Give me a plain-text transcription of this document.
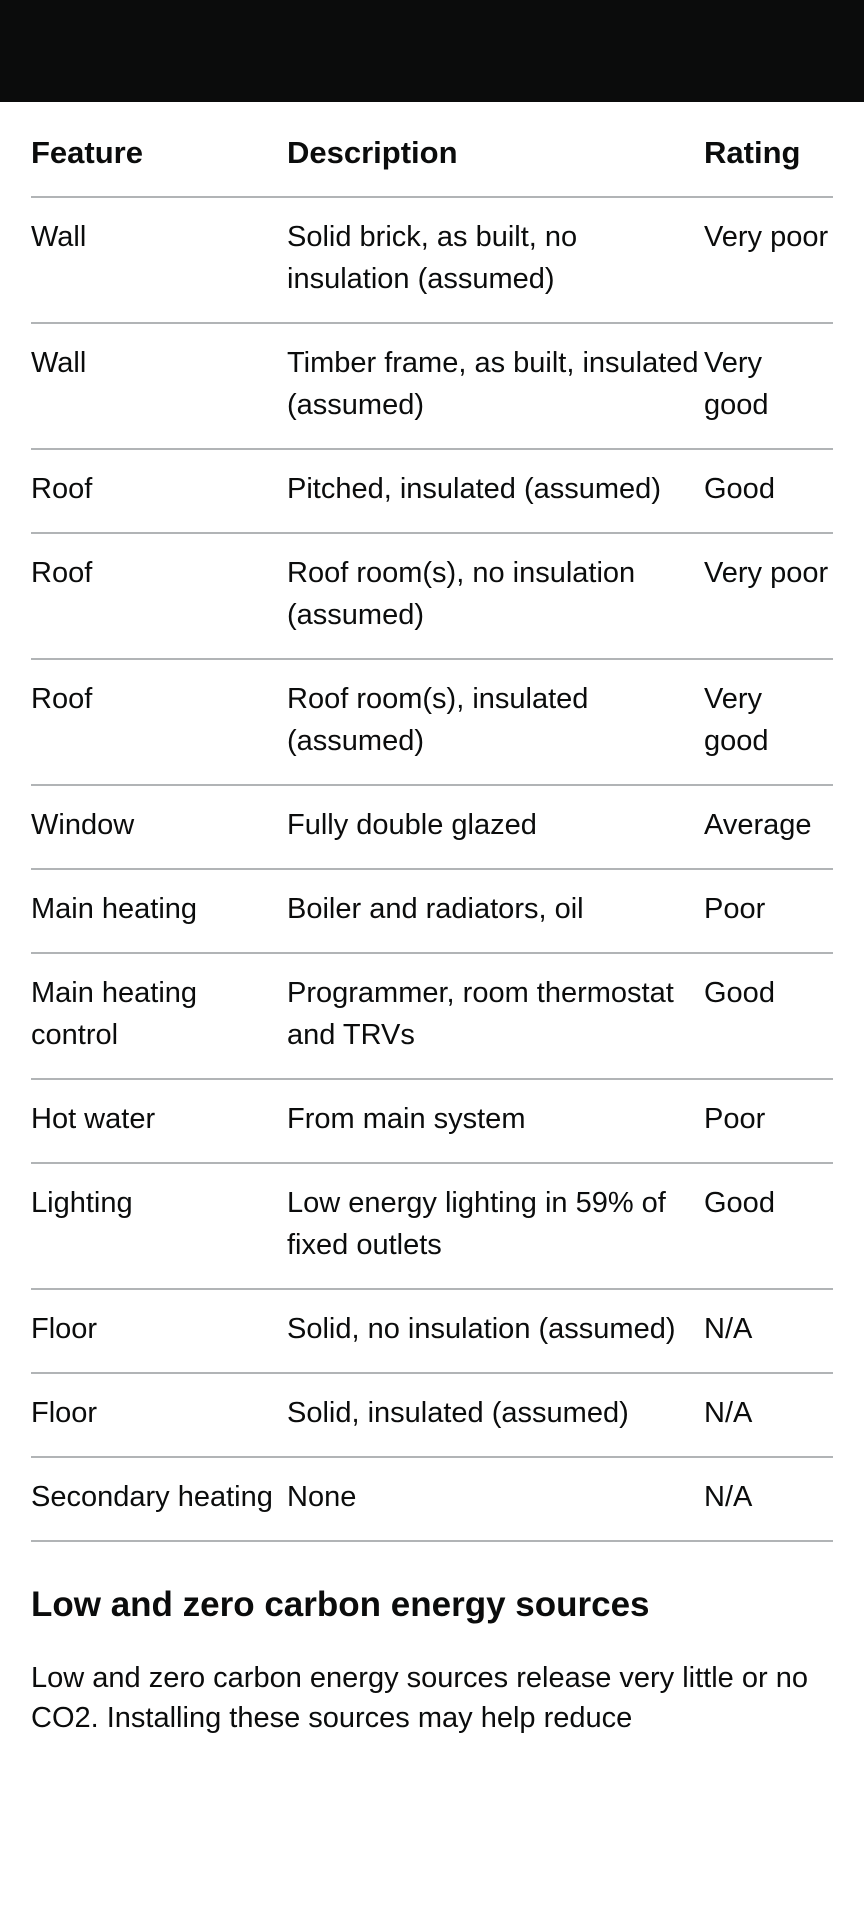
Feature	Description	Rating
Wall	Solid brick, as built, no insulation (assumed)	Very poor
Wall	Timber frame, as built, insulated (assumed)	Very good
Roof	Pitched, insulated (assumed)	Good
Roof	Roof room(s), no insulation (assumed)	Very poor
Roof	Roof room(s), insulated (assumed)	Very good
Window	Fully double glazed	Average
Main heating	Boiler and radiators, oil	Poor
Main heating control	Programmer, room thermostat and TRVs	Good
Hot water	From main system	Poor
Lighting	Low energy lighting in 59% of fixed outlets	Good
Floor	Solid, no insulation (assumed)	N/A
Floor	Solid, insulated (assumed)	N/A
Secondary heating	None	N/A
Low and zero carbon energy sources

Low and zero carbon energy sources release very little or no CO2. Installing these sources may help reduce
